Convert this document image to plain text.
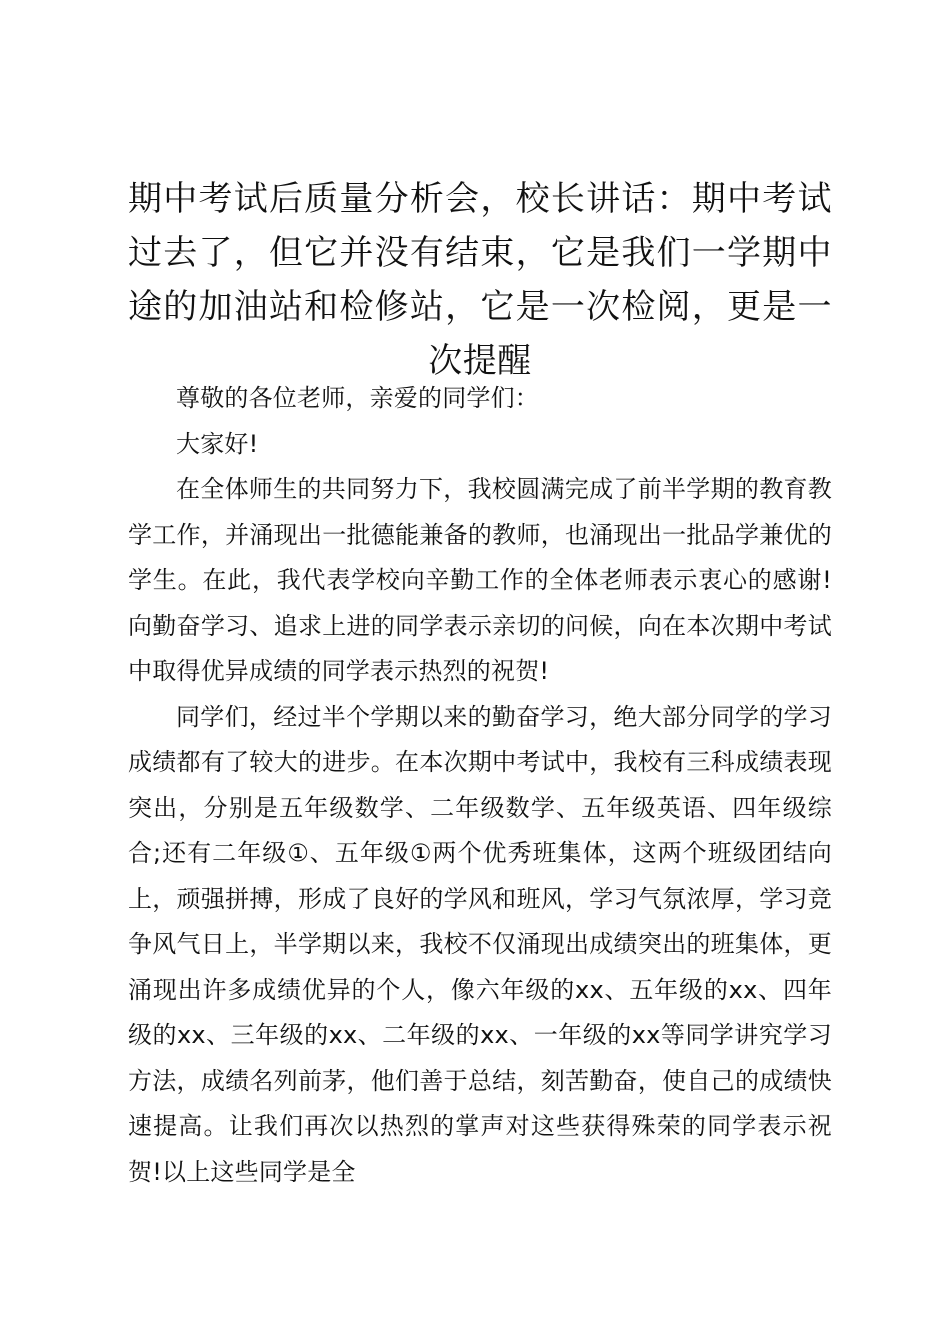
期中考试后质量分析会，校长讲话：期中考试过去了，但它并没有结束，它是我们一学期中途的加油站和检修站，它是一次检阅，更是一次提醒

尊敬的各位老师，亲爱的同学们：

大家好!

在全体师生的共同努力下，我校圆满完成了前半学期的教育教学工作，并涌现出一批德能兼备的教师，也涌现出一批品学兼优的学生。在此，我代表学校向辛勤工作的全体老师表示衷心的感谢!向勤奋学习、追求上进的同学表示亲切的问候，向在本次期中考试中取得优异成绩的同学表示热烈的祝贺!

同学们，经过半个学期以来的勤奋学习，绝大部分同学的学习成绩都有了较大的进步。在本次期中考试中，我校有三科成绩表现突出，分别是五年级数学、二年级数学、五年级英语、四年级综合;还有二年级①、五年级①两个优秀班集体，这两个班级团结向上，顽强拼搏，形成了良好的学风和班风，学习气氛浓厚，学习竞争风气日上，半学期以来，我校不仅涌现出成绩突出的班集体，更涌现出许多成绩优异的个人，像六年级的xx、五年级的xx、四年级的xx、三年级的xx、二年级的xx、一年级的xx等同学讲究学习方法，成绩名列前茅，他们善于总结，刻苦勤奋，使自己的成绩快速提高。让我们再次以热烈的掌声对这些获得殊荣的同学表示祝贺!以上这些同学是全
